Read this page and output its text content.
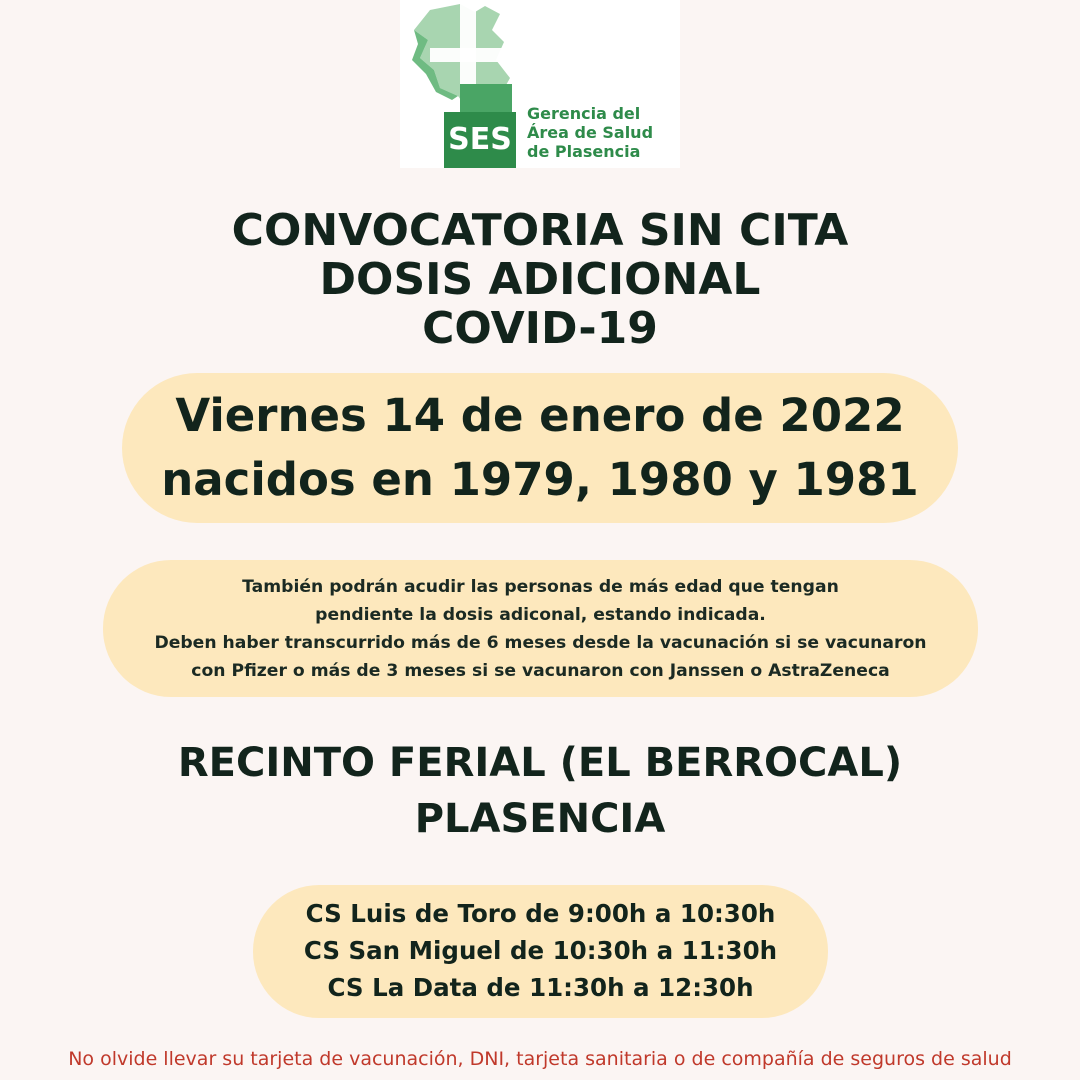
SES
Gerencia del
Área de Salud
de Plasencia
CONVOCATORIA SIN CITA
DOSIS ADICIONAL
COVID-19
Viernes 14 de enero de 2022
nacidos en 1979, 1980 y 1981
También podrán acudir las personas de más edad que tengan
pendiente la dosis adiconal, estando indicada.
Deben haber transcurrido más de 6 meses desde la vacunación si se vacunaron
con Pfizer o más de 3 meses si se vacunaron con Janssen o AstraZeneca
RECINTO FERIAL (EL BERROCAL)
PLASENCIA
CS Luis de Toro de 9:00h a 10:30h
CS San Miguel de 10:30h a 11:30h
CS La Data de 11:30h a 12:30h
No olvide llevar su tarjeta de vacunación, DNI, tarjeta sanitaria o de compañía de seguros de salud
